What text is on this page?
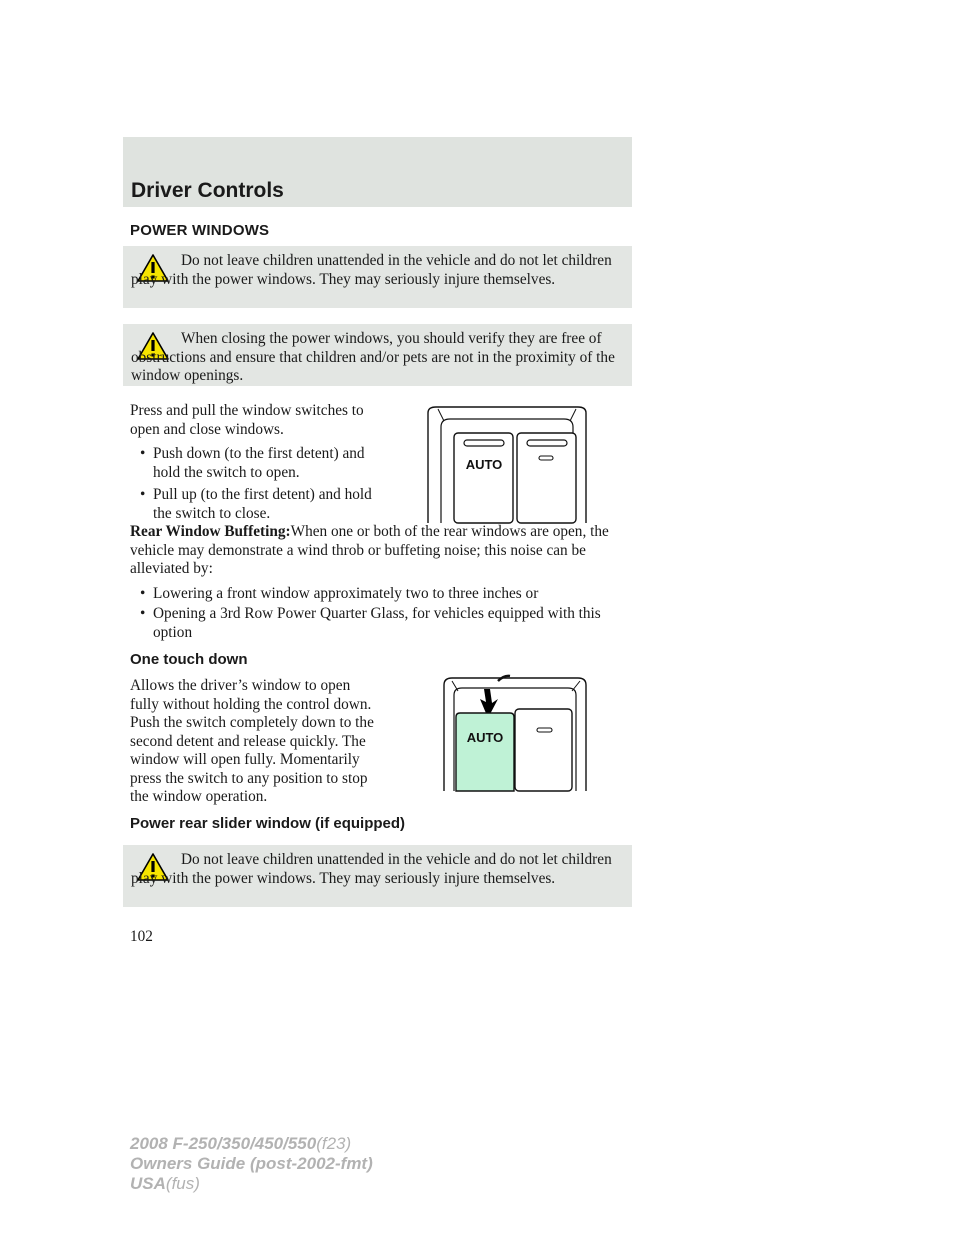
Driver Controls
POWER WINDOWS

Do not leave children unattended in the vehicle and do not let children play with the power windows. They may seriously injure themselves.

When closing the power windows, you should verify they are free of obstructions and ensure that children and/or pets are not in the proximity of the window openings.

Press and pull the window switches to open and close windows.

• Push down (to the first detent) and hold the switch to open.
• Pull up (to the first detent) and hold the switch to close.
AUTO

Rear Window Buffeting:When one or both of the rear windows are open, the vehicle may demonstrate a wind throb or buffeting noise; this noise can be alleviated by:

• Lowering a front window approximately two to three inches or
• Opening a 3rd Row Power Quarter Glass, for vehicles equipped with this option
One touch down

Allows the driver’s window to open fully without holding the control down. Push the switch completely down to the second detent and release quickly. The window will open fully. Momentarily press the switch to any position to stop the window operation.

AUTO
Power rear slider window (if equipped)

Do not leave children unattended in the vehicle and do not let children play with the power windows. They may seriously injure themselves.

102
2008 F-250/350/450/550(f23)
Owners Guide (post-2002-fmt)
USA(fus)
